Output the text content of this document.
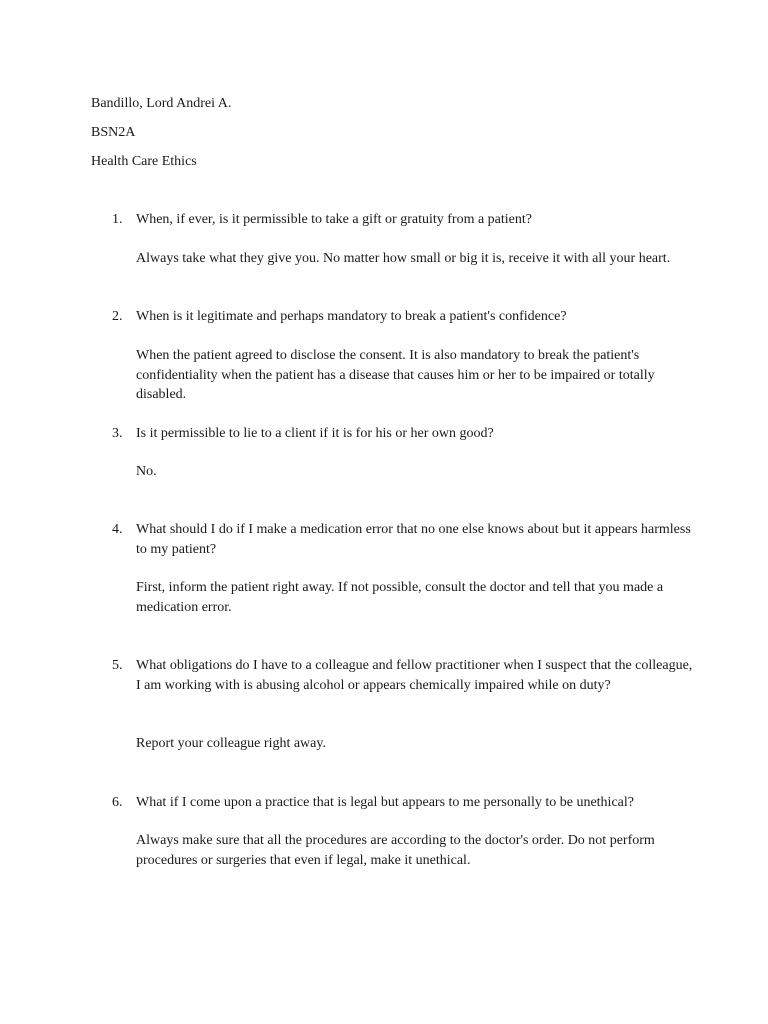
Bandillo, Lord Andrei A.
BSN2A
Health Care Ethics
1. When, if ever, is it permissible to take a gift or gratuity from a patient?
Always take what they give you. No matter how small or big it is, receive it with all your heart.
2. When is it legitimate and perhaps mandatory to break a patient's confidence?
When the patient agreed to disclose the consent. It is also mandatory to break the patient's confidentiality when the patient has a disease that causes him or her to be impaired or totally disabled.
3. Is it permissible to lie to a client if it is for his or her own good?
No.
4. What should I do if I make a medication error that no one else knows about but it appears harmless to my patient?
First, inform the patient right away. If not possible, consult the doctor and tell that you made a medication error.
5. What obligations do I have to a colleague and fellow practitioner when I suspect that the colleague, I am working with is abusing alcohol or appears chemically impaired while on duty?
Report your colleague right away.
6. What if I come upon a practice that is legal but appears to me personally to be unethical?
Always make sure that all the procedures are according to the doctor's order. Do not perform procedures or surgeries that even if legal, make it unethical.
